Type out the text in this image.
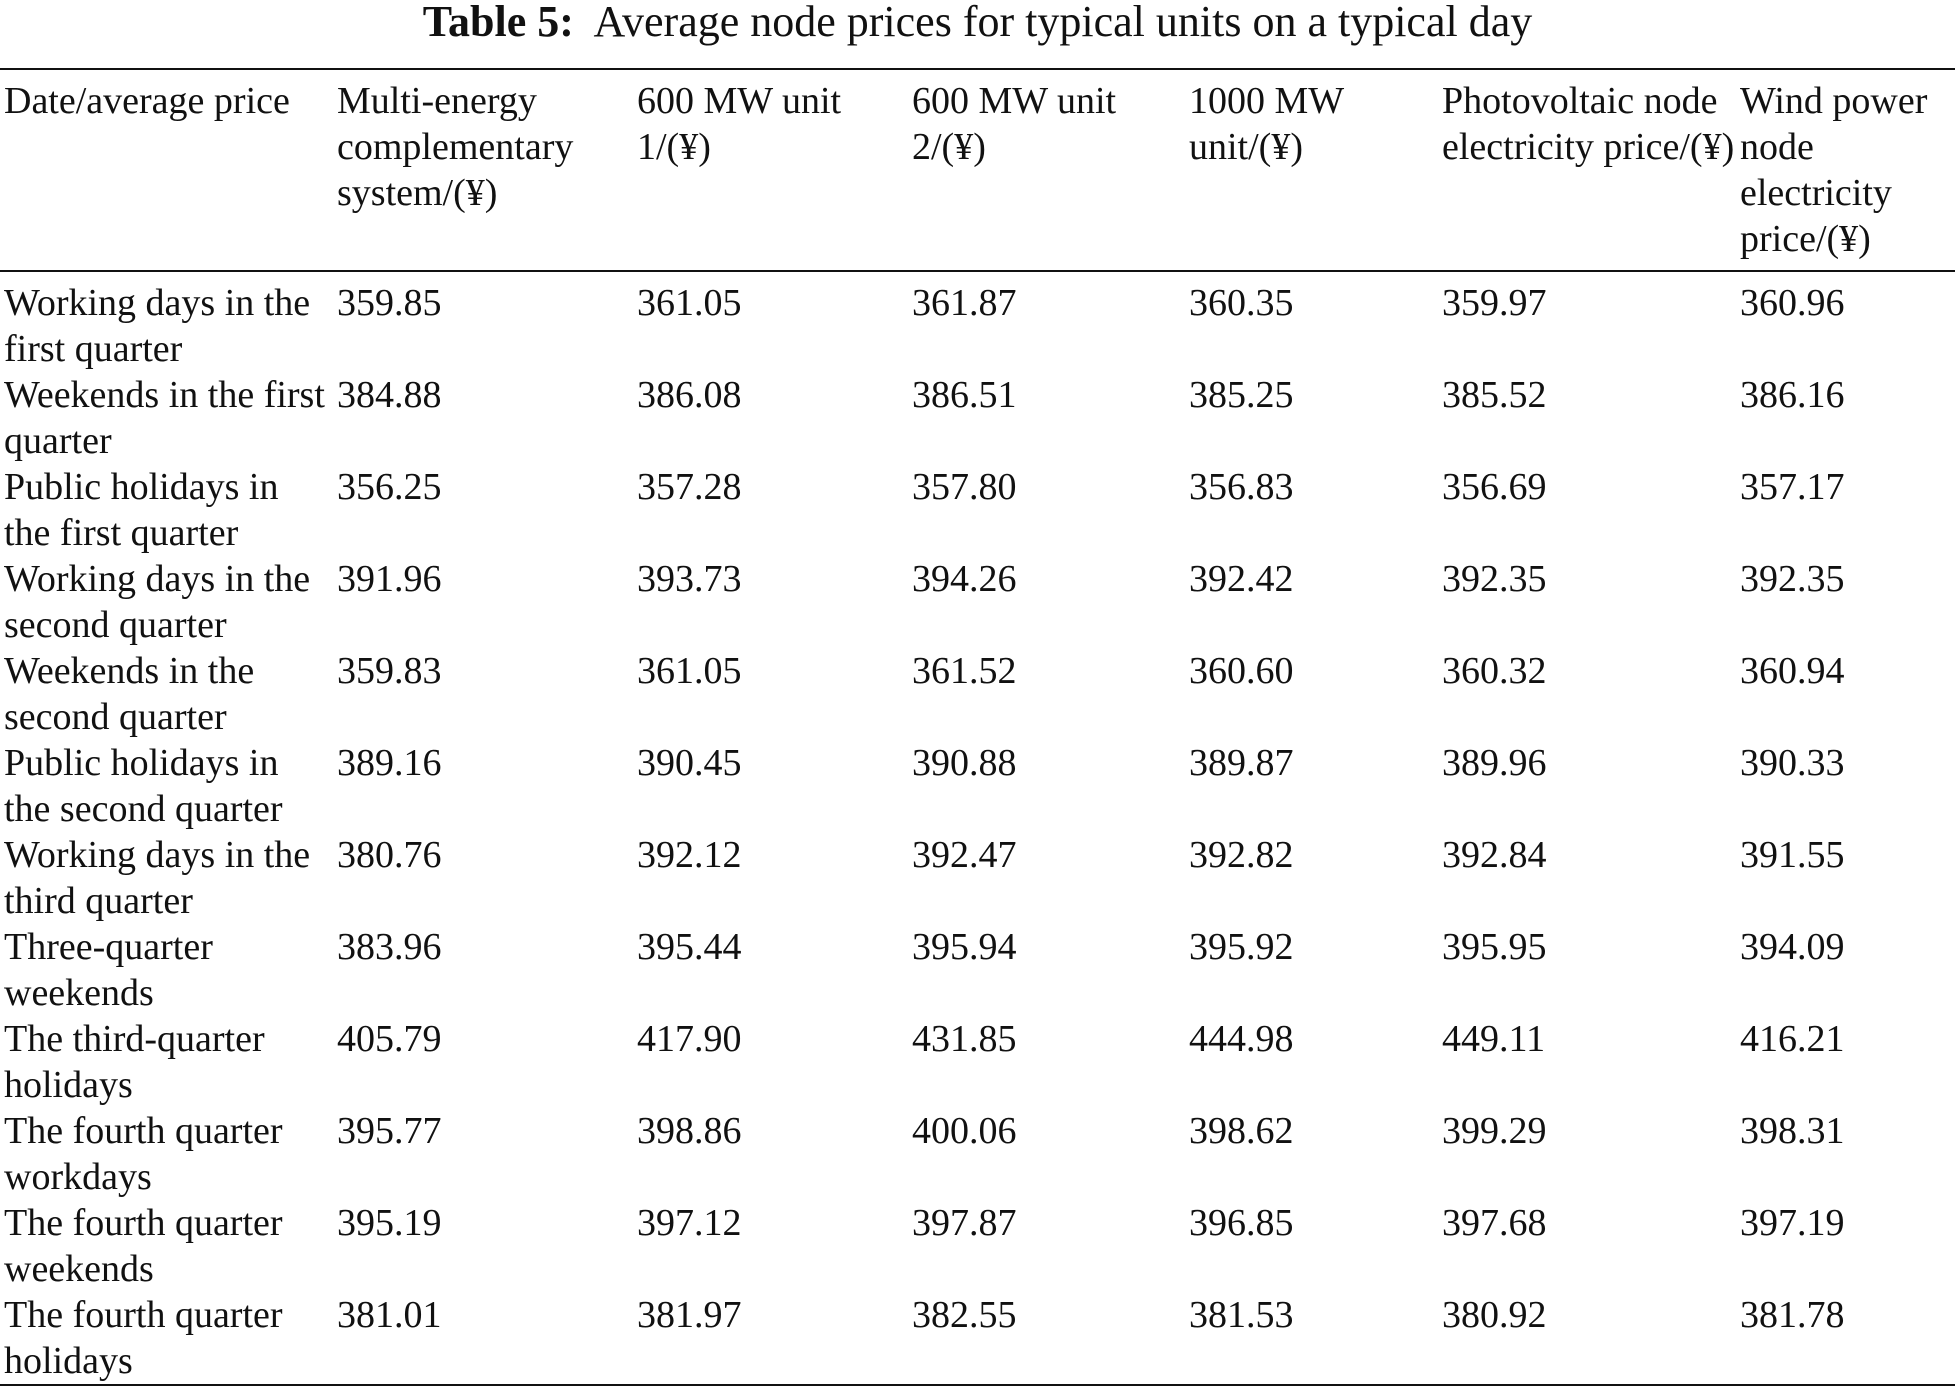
Table 5: Average node prices for typical units on a typical day
Date/average price	Multi-energy complementary system/(¥)	600 MW unit 1/(¥)	600 MW unit 2/(¥)	1000 MW unit/(¥)	Photovoltaic node electricity price/(¥)	Wind power node electricity price/(¥)
Working days in the first quarter	359.85	361.05	361.87	360.35	359.97	360.96
Weekends in the first quarter	384.88	386.08	386.51	385.25	385.52	386.16
Public holidays in the first quarter	356.25	357.28	357.80	356.83	356.69	357.17
Working days in the second quarter	391.96	393.73	394.26	392.42	392.35	392.35
Weekends in the second quarter	359.83	361.05	361.52	360.60	360.32	360.94
Public holidays in the second quarter	389.16	390.45	390.88	389.87	389.96	390.33
Working days in the third quarter	380.76	392.12	392.47	392.82	392.84	391.55
Three-quarter weekends	383.96	395.44	395.94	395.92	395.95	394.09
The third-quarter holidays	405.79	417.90	431.85	444.98	449.11	416.21
The fourth quarter workdays	395.77	398.86	400.06	398.62	399.29	398.31
The fourth quarter weekends	395.19	397.12	397.87	396.85	397.68	397.19
The fourth quarter holidays	381.01	381.97	382.55	381.53	380.92	381.78
